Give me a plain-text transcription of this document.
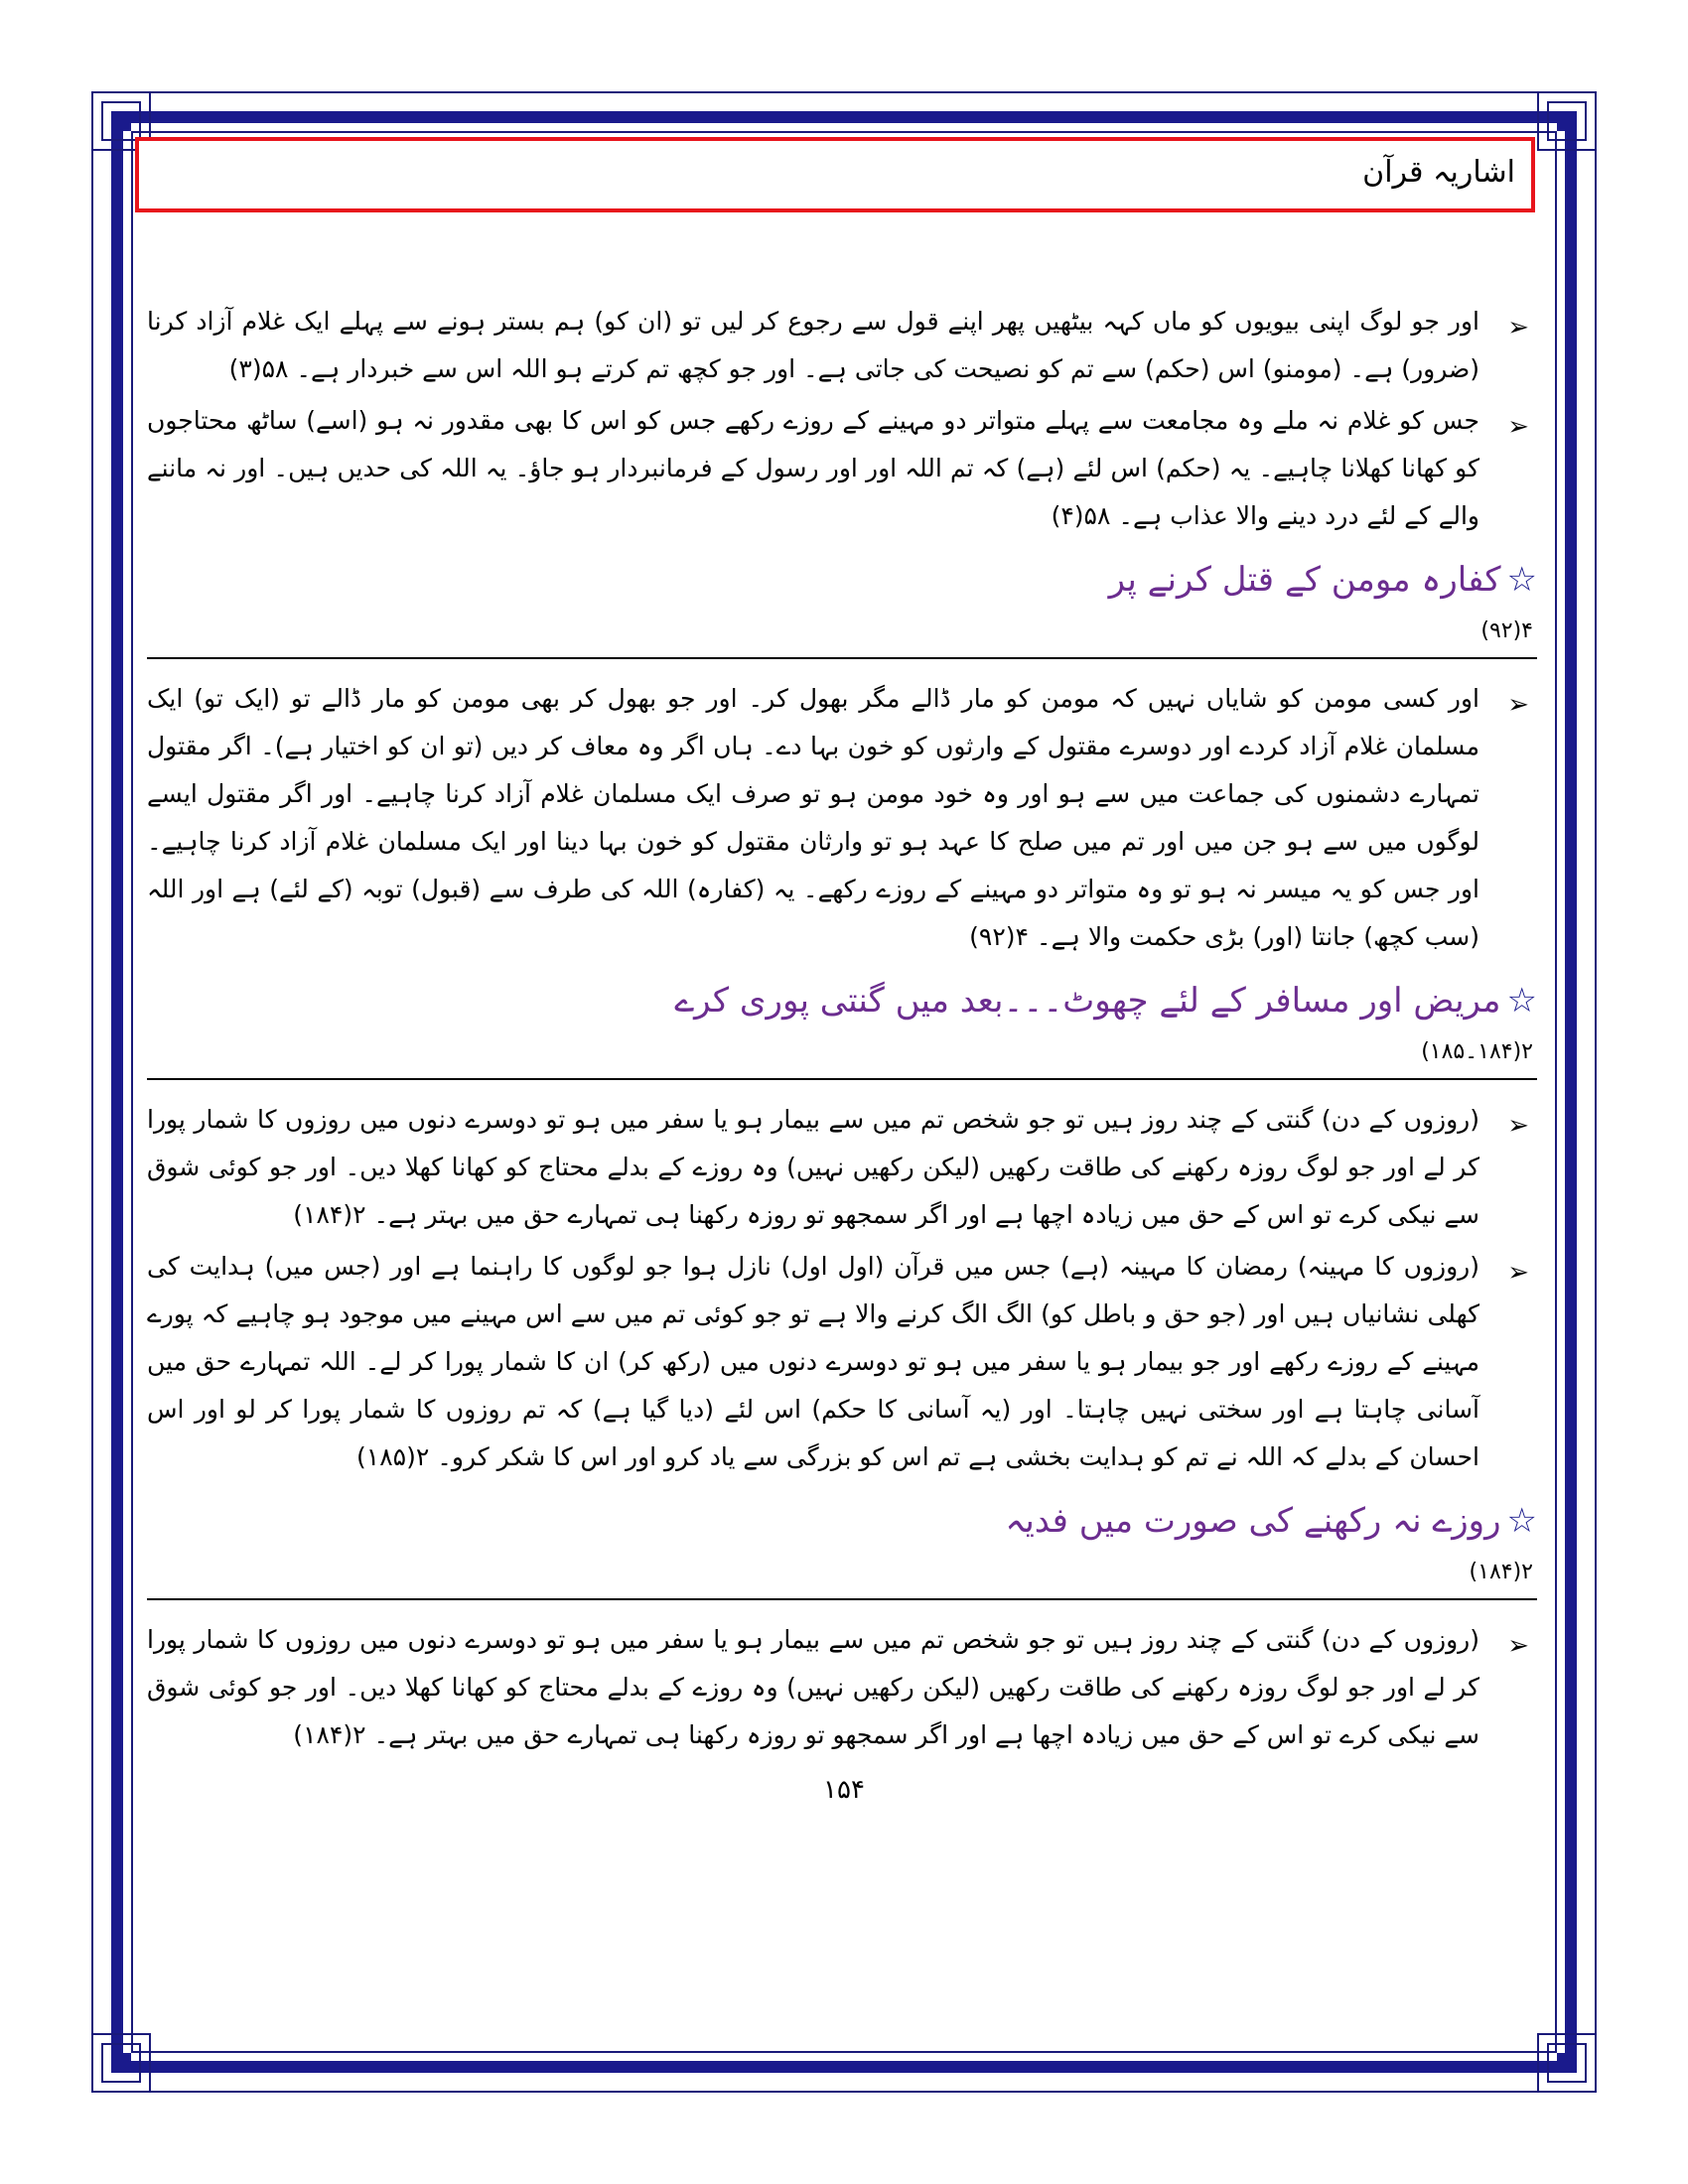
اشاریہ قرآن
➢
اور جو لوگ اپنی بیویوں کو ماں کہہ بیٹھیں پھر اپنے قول سے رجوع کر لیں تو (ان کو) ہم بستر ہونے سے پہلے ایک غلام آزاد کرنا (ضرور) ہے۔ (مومنو) اس (حکم) سے تم کو نصیحت کی جاتی ہے۔ اور جو کچھ تم کرتے ہو اللہ اس سے خبردار ہے۔ ۵۸(۳)
➢
جس کو غلام نہ ملے وہ مجامعت سے پہلے متواتر دو مہینے کے روزے رکھے جس کو اس کا بھی مقدور نہ ہو (اسے) ساٹھ محتاجوں کو کھانا کھلانا چاہیے۔ یہ (حکم) اس لئے (ہے) کہ تم اللہ اور اور رسول کے فرمانبردار ہو جاؤ۔ یہ اللہ کی حدیں ہیں۔ اور نہ ماننے والے کے لئے درد دینے والا عذاب ہے۔ ۵۸(۴)
☆کفارہ مومن کے قتل کرنے پر
۴(۹۲)
➢
اور کسی مومن کو شایاں نہیں کہ مومن کو مار ڈالے مگر بھول کر۔ اور جو بھول کر بھی مومن کو مار ڈالے تو (ایک تو) ایک مسلمان غلام آزاد کردے اور دوسرے مقتول کے وارثوں کو خون بہا دے۔ ہاں اگر وہ معاف کر دیں (تو ان کو اختیار ہے)۔ اگر مقتول تمہارے دشمنوں کی جماعت میں سے ہو اور وہ خود مومن ہو تو صرف ایک مسلمان غلام آزاد کرنا چاہیے۔ اور اگر مقتول ایسے لوگوں میں سے ہو جن میں اور تم میں صلح کا عہد ہو تو وارثان مقتول کو خون بہا دینا اور ایک مسلمان غلام آزاد کرنا چاہیے۔ اور جس کو یہ میسر نہ ہو تو وہ متواتر دو مہینے کے روزے رکھے۔ یہ (کفارہ) اللہ کی طرف سے (قبول) توبہ (کے لئے) ہے اور اللہ (سب کچھ) جانتا (اور) بڑی حکمت والا ہے۔ ۴(۹۲)
☆مریض اور مسافر کے لئے چھوٹ۔۔۔بعد میں گنتی پوری کرے
۲(۱۸۴۔۱۸۵)
➢
(روزوں کے دن) گنتی کے چند روز ہیں تو جو شخص تم میں سے بیمار ہو یا سفر میں ہو تو دوسرے دنوں میں روزوں کا شمار پورا کر لے اور جو لوگ روزہ رکھنے کی طاقت رکھیں (لیکن رکھیں نہیں) وہ روزے کے بدلے محتاج کو کھانا کھلا دیں۔ اور جو کوئی شوق سے نیکی کرے تو اس کے حق میں زیادہ اچھا ہے اور اگر سمجھو تو روزہ رکھنا ہی تمہارے حق میں بہتر ہے۔ ۲(۱۸۴)
➢
(روزوں کا مہینہ) رمضان کا مہینہ (ہے) جس میں قرآن (اول اول) نازل ہوا جو لوگوں کا راہنما ہے اور (جس میں) ہدایت کی کھلی نشانیاں ہیں اور (جو حق و باطل کو) الگ الگ کرنے والا ہے تو جو کوئی تم میں سے اس مہینے میں موجود ہو چاہیے کہ پورے مہینے کے روزے رکھے اور جو بیمار ہو یا سفر میں ہو تو دوسرے دنوں میں (رکھ کر) ان کا شمار پورا کر لے۔ اللہ تمہارے حق میں آسانی چاہتا ہے اور سختی نہیں چاہتا۔ اور (یہ آسانی کا حکم) اس لئے (دیا گیا ہے) کہ تم روزوں کا شمار پورا کر لو اور اس احسان کے بدلے کہ اللہ نے تم کو ہدایت بخشی ہے تم اس کو بزرگی سے یاد کرو اور اس کا شکر کرو۔ ۲(۱۸۵)
☆روزے نہ رکھنے کی صورت میں فدیہ
۲(۱۸۴)
➢
(روزوں کے دن) گنتی کے چند روز ہیں تو جو شخص تم میں سے بیمار ہو یا سفر میں ہو تو دوسرے دنوں میں روزوں کا شمار پورا کر لے اور جو لوگ روزہ رکھنے کی طاقت رکھیں (لیکن رکھیں نہیں) وہ روزے کے بدلے محتاج کو کھانا کھلا دیں۔ اور جو کوئی شوق سے نیکی کرے تو اس کے حق میں زیادہ اچھا ہے اور اگر سمجھو تو روزہ رکھنا ہی تمہارے حق میں بہتر ہے۔ ۲(۱۸۴)
۱۵۴
